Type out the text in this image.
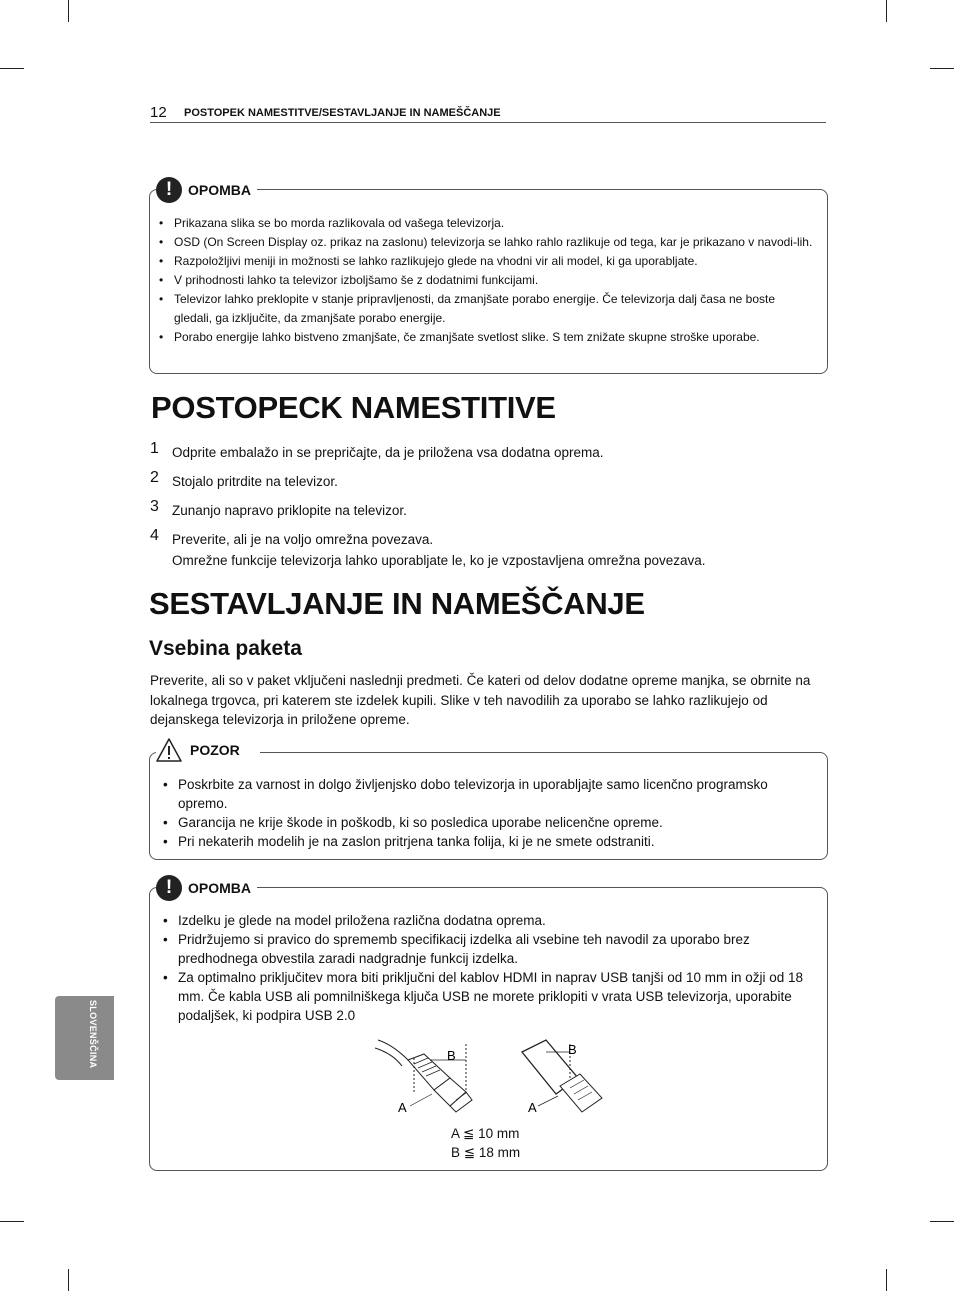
12 POSTOPEK NAMESTITVE/SESTAVLJANJE IN NAMEŠČANJE
SLOVENŠČINA
!	OPOMBA
• Prikazana slika se bo morda razlikovala od vašega televizorja.
• OSD (On Screen Display oz. prikaz na zaslonu) televizorja se lahko rahlo razlikuje od tega, kar je prikazano v navodi-lih.
• Razpoložljivi meniji in možnosti se lahko razlikujejo glede na vhodni vir ali model, ki ga uporabljate.
• V prihodnosti lahko ta televizor izboljšamo še z dodatnimi funkcijami.
• Televizor lahko preklopite v stanje pripravljenosti, da zmanjšate porabo energije. Če televizorja dalj časa ne boste gledali, ga izključite, da zmanjšate porabo energije.
• Porabo energije lahko bistveno zmanjšate, če zmanjšate svetlost slike. S tem znižate skupne stroške uporabe.
POSTOPECK NAMESTITIVE
1 Odprite embalažo in se prepričajte, da je priložena vsa dodatna oprema.
2 Stojalo pritrdite na televizor.
3 Zunanjo napravo priklopite na televizor.
4 Preverite, ali je na voljo omrežna povezava.
Omrežne funkcije televizorja lahko uporabljate le, ko je vzpostavljena omrežna povezava.
SESTAVLJANJE IN NAMEŠČANJE
Vsebina paketa
Preverite, ali so v paket vključeni naslednji predmeti. Če kateri od delov dodatne opreme manjka, se obrnite na lokalnega trgovca, pri katerem ste izdelek kupili. Slike v teh navodilih za uporabo se lahko razlikujejo od dejanskega televizorja in priložene opreme.
POZOR
• Poskrbite za varnost in dolgo življenjsko dobo televizorja in uporabljajte samo licenčno programsko opremo.
• Garancija ne krije škode in poškodb, ki so posledica uporabe nelicenčne opreme.
• Pri nekaterih modelih je na zaslon pritrjena tanka folija, ki je ne smete odstraniti.
!	OPOMBA
• Izdelku je glede na model priložena različna dodatna oprema.
• Pridržujemo si pravico do sprememb specifikacij izdelka ali vsebine teh navodil za uporabo brez predhodnega obvestila zaradi nadgradnje funkcij izdelka.
• Za optimalno priključitev mora biti priključni del kablov HDMI in naprav USB tanjši od 10 mm in ožji od 18 mm. Če kabla USB ali pomnilniškega ključa USB ne morete priklopiti v vrata USB televizorja, uporabite podaljšek, ki podpira USB 2.0
B
A
B
A
A ≦ 10 mm
B ≦ 18 mm
